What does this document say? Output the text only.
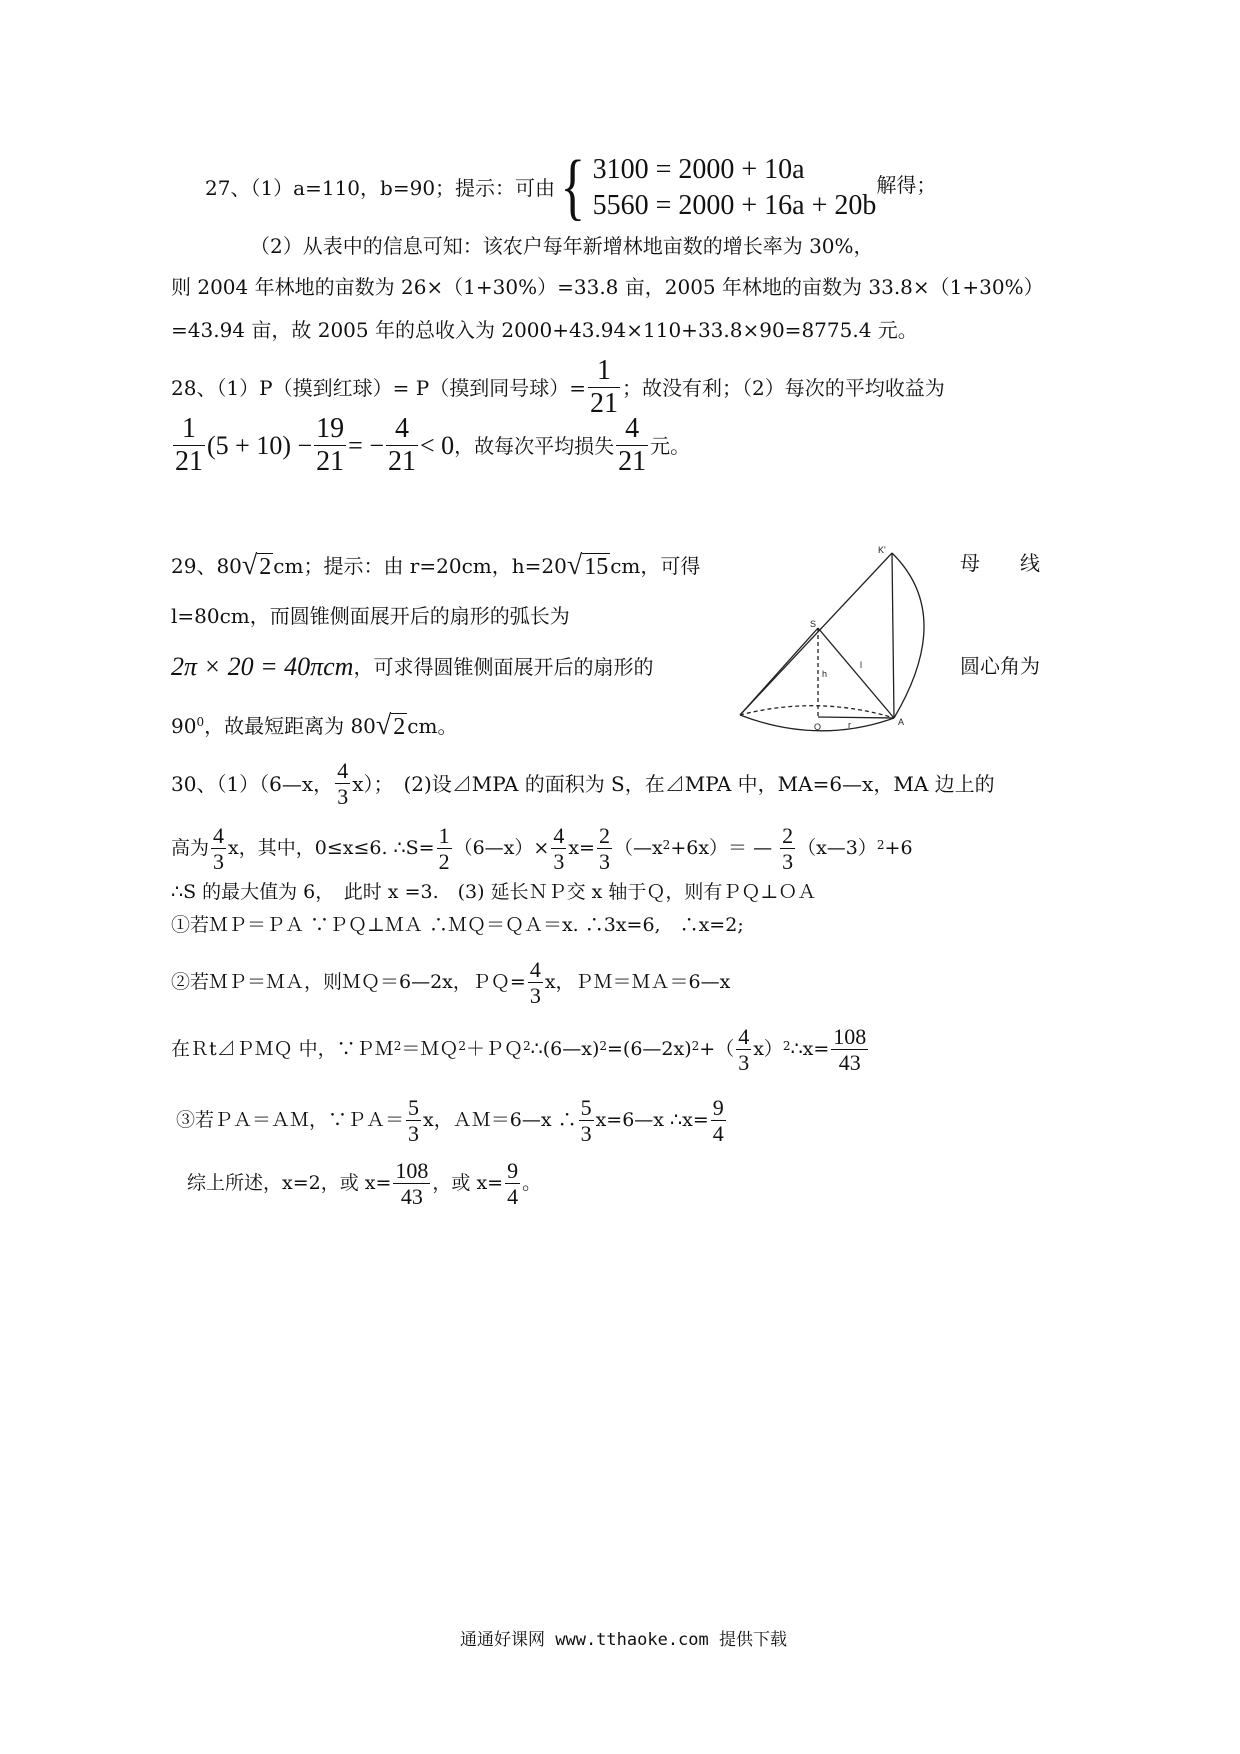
27、（1）a=110，b=90；提示：可由 { 3100 = 2000 + 10a
5560 = 2000 + 16a + 20b
解得；
（2）从表中的信息可知：该农户每年新增林地亩数的增长率为 30%，
则 2004 年林地的亩数为 26×（1+30%）=33.8 亩，2005 年林地的亩数为 33.8×（1+30%）
=43.94 亩，故 2005 年的总收入为 2000+43.94×110+33.8×90=8775.4 元。
28、（1）P（摸到红球）= P（摸到同号球）= $\frac{1}{21}$ ；故没有利；（2）每次的平均收益为
$\frac{1}{21} (5 + 10) - \frac{19}{21}$ = − $\frac{4}{21} < 0$ ，故每次平均损失 $\frac{4}{21}$ 元。
29、80 √2 cm；提示：由 r=20cm，h=20 √15 cm，可得	母　　线
l=80cm，而圆锥侧面展开后的扇形的弧长为
2π × 20 = 40πcm ，可求得圆锥侧面展开后的扇形的	圆心角为
$90^0$ ，故最短距离为 80 √2 cm。
K'
S
h
l
O	r	A
30、（1）（6—x， $\frac{4}{3} x$）；　(2)设⊿MPA 的面积为 S，在⊿MPA 中，MA=6—x，MA 边上的
高为 $\frac{4}{3}$ x，其中，0≤x≤6. ∴S= $\frac{1}{2}$ （6—x）× $\frac{4}{3} x= \frac{2}{3}$ $(—x^2 +6x)=$ — $\frac{2}{3}$ （x—3）$^2$ +6
∴S 的最大值为 6，　此时 x =3.　(3) 延长ＮＰ交 x 轴于Ｑ，则有ＰＱ⊥ＯＡ
①若ＭＰ＝ＰＡ ∵ＰＱ⊥ＭＡ ∴ＭＱ＝ＱＡ＝x. ∴3x=6,　∴x=2;
②若ＭＰ＝ＭＡ，则ＭＱ＝6—2x，ＰＱ= $\frac{4}{3}$ x，ＰＭ＝ＭＡ＝6—x
在Ｒt⊿ＰＭＱ 中，∵ＰＭ$^2$ ＝ＭＱ$^2$ ＋ＰＱ$^2$ ∴(6—x)$^2$ =(6—2x)$^2$ +（ $\frac{4}{3} x)^2$ ∴x= $\frac{108}{43}$
③若ＰＡ＝ＡＭ，∵ＰＡ＝ $\frac{5}{3}$ x，ＡＭ＝6—x ∴ $\frac{5}{3}$ x=6—x ∴x= $\frac{9}{4}$
综上所述，x=2，或 $x= \frac{108}{43}$ ，或 $x= \frac{9}{4}$ 。
通通好课网 www.tthaoke.com 提供下载
